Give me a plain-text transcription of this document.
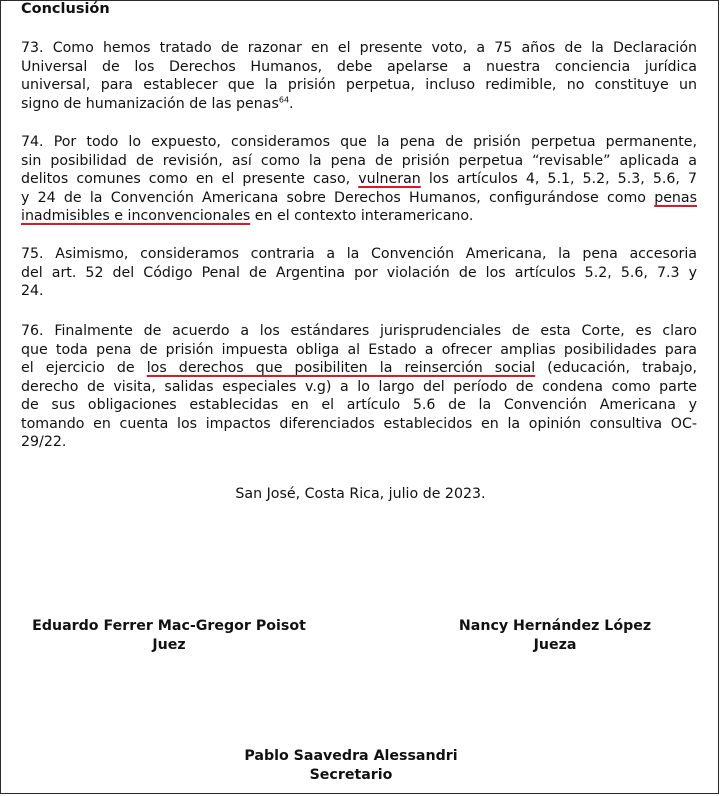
Conclusión
73. Como hemos tratado de razonar en el presente voto, a 75 años de la Declaración
Universal de los Derechos Humanos, debe apelarse a nuestra conciencia jurídica
universal, para establecer que la prisión perpetua, incluso redimible, no constituye un
signo de humanización de las penas$^{64}$.
74. Por todo lo expuesto, consideramos que la pena de prisión perpetua permanente,
sin posibilidad de revisión, así como la pena de prisión perpetua “revisable” aplicada a
delitos comunes como en el presente caso, vulneran los artículos 4, 5.1, 5.2, 5.3, 5.6, 7
y 24 de la Convención Americana sobre Derechos Humanos, configurándose como penas
inadmisibles e inconvencionales en el contexto interamericano.
75. Asimismo, consideramos contraria a la Convención Americana, la pena accesoria
del art. 52 del Código Penal de Argentina por violación de los artículos 5.2, 5.6, 7.3 y
24.
76. Finalmente de acuerdo a los estándares jurisprudenciales de esta Corte, es claro
que toda pena de prisión impuesta obliga al Estado a ofrecer amplias posibilidades para
el ejercicio de los derechos que posibiliten la reinserción social (educación, trabajo,
derecho de visita, salidas especiales v.g) a lo largo del período de condena como parte
de sus obligaciones establecidas en el artículo 5.6 de la Convención Americana y
tomando en cuenta los impactos diferenciados establecidos en la opinión consultiva OC-
29/22.
San José, Costa Rica, julio de 2023.
Eduardo Ferrer Mac-Gregor Poisot
Juez
Nancy Hernández López
Jueza
Pablo Saavedra Alessandri
Secretario
